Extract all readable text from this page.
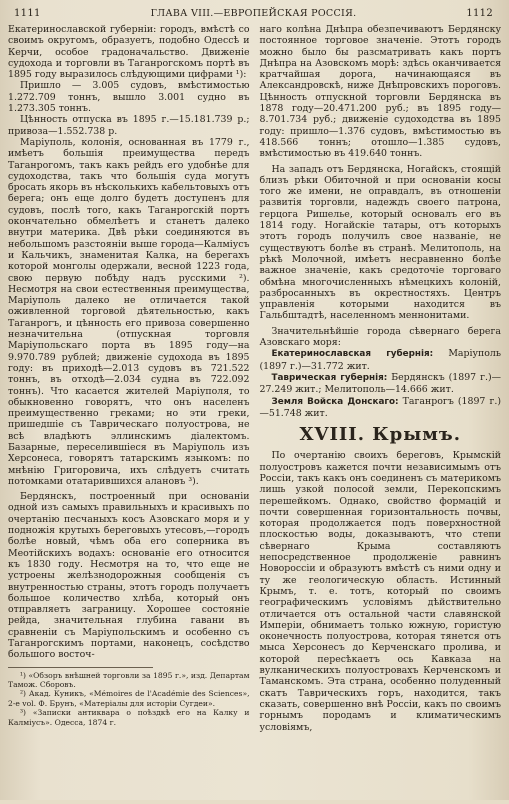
1111	ГЛАВА VIII.—ЕВРОПЕЙСКАЯ РОССІЯ.	1112

Екатеринославской губерніи: городъ, вмѣстѣ со своимъ округомъ, образуетъ, подобно Одессѣ и Керчи, особое градоначальство. Движеніе судохода и торговли въ Таганрогскомъ портѣ въ 1895 году выразилось слѣдующими цифрами ¹):

Пришло — 3.005 судовъ, вмѣстимостью 1.272.709 тоннъ, вышло 3.001 судно въ 1.273.305 тоннъ.

Цѣнность отпуска въ 1895 г.—15.181.739 р.; привоза—1.552.738 р.

Маріуполь, колонія, основанная въ 1779 г., имѣетъ большія преимущества передъ Таганрогомъ, такъ какъ рейдъ его удобнѣе для судоходства, такъ что большія суда могутъ бросать якорь въ нѣсколькихъ кабельтовыхъ отъ берега; онъ еще долго будетъ доступенъ для судовъ, послѣ того, какъ Таганрогскій портъ окончательно обмелѣетъ и станетъ далеко внутри материка. Двѣ рѣки соединяются въ небольшомъ разстояніи выше города—Калміусъ и Кальчикъ, знаменитая Калка, на берегахъ которой монголы одержали, весной 1223 года, свою первую побѣду надъ русскими ²). Несмотря на свои естественныя преимущества, Маріуполь далеко не отличается такой оживленной торговой дѣятельностью, какъ Таганрогъ, и цѣнность его привоза совершенно незначительна (отпускная торговля Маріупольскаго порта въ 1895 году—на 9.970.789 рублей; движеніе судохода въ 1895 году: въ приходѣ—2.013 судовъ въ 721.522 тоннъ, въ отходѣ—2.034 судна въ 722.092 тоннъ). Что касается жителей Маріуполя, то обыкновенно говорятъ, что онъ населенъ преимущественно греками; но эти греки, пришедшіе съ Таврическаго полуострова, не всѣ владѣютъ эллинскимъ діалектомъ. Базарные, переселившіеся въ Маріуполь изъ Херсонеса, говорятъ татарскимъ языкомъ: по мнѣнію Григоровича, ихъ слѣдуетъ считать потомками отатарившихся алановъ ³).

Бердянскъ, построенный при основаніи одной изъ самыхъ правильныхъ и красивыхъ по очертанію песчаныхъ косъ Азовскаго моря и у подножія крутыхъ береговыхъ утесовъ,—городъ болѣе новый, чѣмъ оба его соперника въ Меотійскихъ водахъ: основаніе его относится къ 1830 году. Несмотря на то, что еще не устроены желѣзнодорожныя сообщенія съ внутренностью страны, этотъ городъ получаетъ большое количество хлѣба, который онъ отправляетъ заграницу. Хорошее состояніе рейда, значительная глубина гавани въ сравненіи съ Маріупольскимъ и особенно съ Таганрогскимъ портами, наконецъ, сосѣдство большого восточ-

¹) «Обзоръ внѣшней торговли за 1895 г.», изд. Департам Тамож. Сборовъ.

²) Акад. Куникъ, «Mémoires de l'Académie des Sciences», 2-е vol. Ф. Брунъ, «Матеріалы для исторіи Сугдеи».

³) «Записки антиквара о поѣздкѣ его на Калку и Калміусъ». Одесса, 1874 г.

наго колѣна Днѣпра обезпечиваютъ Бердянску постоянное торговое значеніе. Этотъ городъ можно было бы разсматривать какъ портъ Днѣпра на Азовскомъ морѣ: здѣсь оканчивается кратчайшая дорога, начинающаяся въ Александровскѣ, ниже Днѣпровскихъ пороговъ. Цѣнность отпускной торговли Бердянска въ 1878 году—20.471.200 руб.; въ 1895 году—8.701.734 руб.; движеніе судоходства въ 1895 году: пришло—1.376 судовъ, вмѣстимостью въ 418.566 тоннъ; отошло—1.385 судовъ, вмѣстимостью въ 419.640 тоннъ.

На западъ отъ Бердянска, Ногайскъ, стоящій близъ рѣки Обиточной и при основаніи косы того же имени, не оправдалъ, въ отношеніи развитія торговли, надеждъ своего патрона, герцога Ришелье, который основалъ его въ 1814 году. Ногайскіе татары, отъ которыхъ этотъ городъ получилъ свое названіе, не существуютъ болѣе въ странѣ. Мелитополь, на рѣкѣ Молочной, имѣетъ несравненно болѣе важное значеніе, какъ средоточіе торговаго обмѣна многочисленныхъ нѣмецкихъ колоній, разбросанныхъ въ окрестностяхъ. Центръ управленія которыми находится въ Гальбштадтѣ, населенномъ меннонитами.

Значительнѣйшіе города сѣвернаго берега Азовскаго моря:

Екатеринославская губернія: Маріуполь (1897 г.)—31.772 жит.

Таврическая губернія: Бердянскъ (1897 г.)—27.249 жит.; Мелитополь—14.666 жит.

Земля Войска Донскаго: Таганрогъ (1897 г.)—51.748 жит.

XVIII. Крымъ.

По очертанію своихъ береговъ, Крымскій полуостровъ кажется почти независимымъ отъ Россіи, такъ какъ онъ соединенъ съ материкомъ лишь узкой полосой земли, Перекопскимъ перешейкомъ. Однако, свойство формацій и почти совершенная горизонтальность почвы, которая продолжается подъ поверхностной плоскостью воды, доказываютъ, что степи сѣвернаго Крыма составляютъ непосредственное продолженіе равнинъ Новороссіи и образуютъ вмѣстѣ съ ними одну и ту же геологическую область. Истинный Крымъ, т. е. тотъ, который по своимъ географическимъ условіямъ дѣйствительно отличается отъ остальной части славянской Имперіи, обнимаетъ только южную, гористую оконечность полуострова, которая тянется отъ мыса Херсонесъ до Керченскаго пролива, и которой пересѣкаетъ ось Кавказа на вулканическихъ полуостровахъ Керченскомъ и Таманскомъ. Эта страна, особенно полуденный скатъ Таврическихъ горъ, находится, такъ сказать, совершенно внѣ Россіи, какъ по своимъ горнымъ породамъ и климатическимъ условіямъ,
